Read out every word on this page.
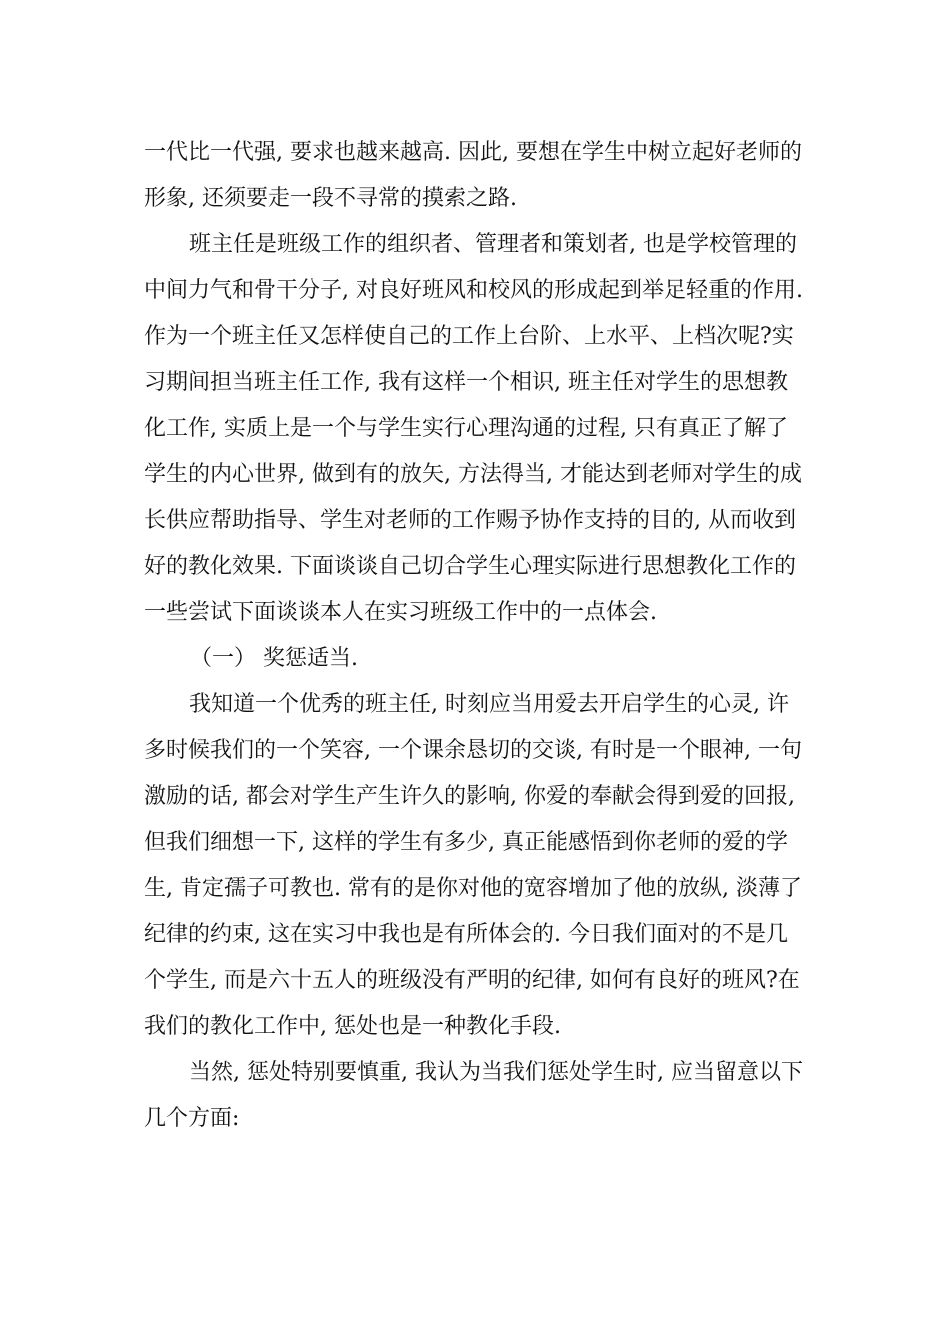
一代比一代强, 要求也越来越高. 因此, 要想在学生中树立起好老师的
形象, 还须要走一段不寻常的摸索之路.
班主任是班级工作的组织者、管理者和策划者, 也是学校管理的
中间力气和骨干分子, 对良好班风和校风的形成起到举足轻重的作用.
作为一个班主任又怎样使自己的工作上台阶、上水平、上档次呢?实
习期间担当班主任工作, 我有这样一个相识, 班主任对学生的思想教
化工作, 实质上是一个与学生实行心理沟通的过程, 只有真正了解了
学生的内心世界, 做到有的放矢, 方法得当, 才能达到老师对学生的成
长供应帮助指导、学生对老师的工作赐予协作支持的目的, 从而收到
好的教化效果. 下面谈谈自己切合学生心理实际进行思想教化工作的
一些尝试下面谈谈本人在实习班级工作中的一点体会.
（一） 奖惩适当.
我知道一个优秀的班主任, 时刻应当用爱去开启学生的心灵, 许
多时候我们的一个笑容, 一个课余恳切的交谈, 有时是一个眼神, 一句
激励的话, 都会对学生产生许久的影响, 你爱的奉献会得到爱的回报,
但我们细想一下, 这样的学生有多少, 真正能感悟到你老师的爱的学
生, 肯定孺子可教也. 常有的是你对他的宽容增加了他的放纵, 淡薄了
纪律的约束, 这在实习中我也是有所体会的. 今日我们面对的不是几
个学生, 而是六十五人的班级没有严明的纪律, 如何有良好的班风?在
我们的教化工作中, 惩处也是一种教化手段.
当然, 惩处特别要慎重, 我认为当我们惩处学生时, 应当留意以下
几个方面:
